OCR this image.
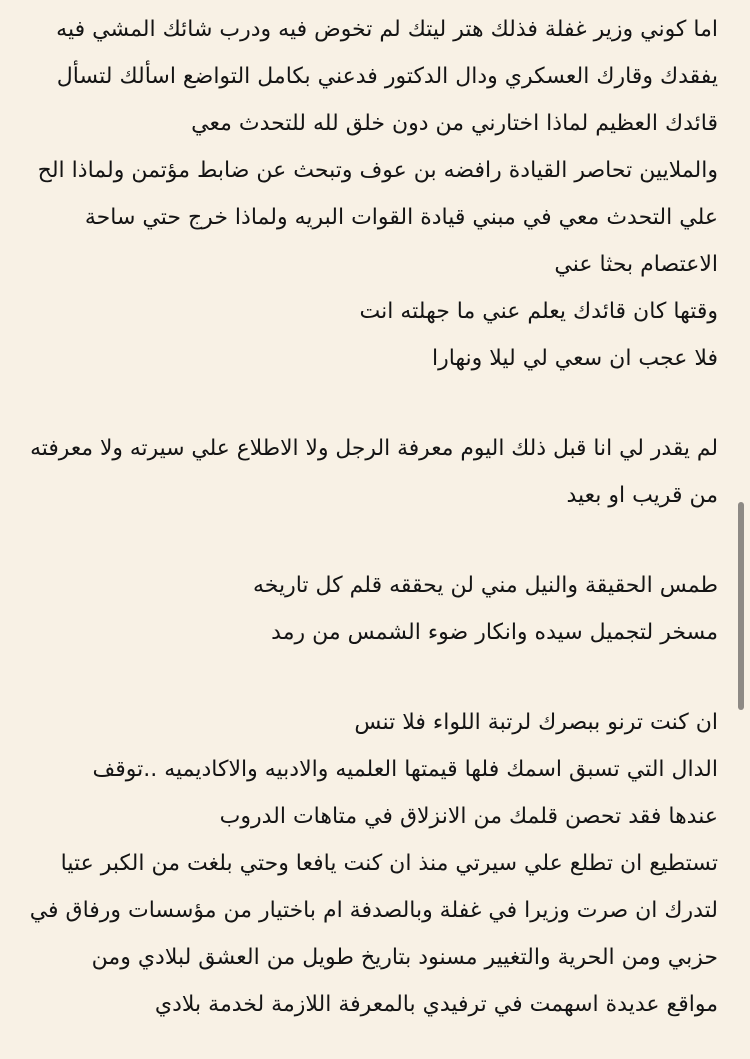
اما كوني وزير غفلة فذلك هتر ليتك لم تخوض فيه ودرب شائك المشي فيه
يفقدك وقارك العسكري ودال الدكتور فدعني بكامل التواضع اسألك لتسأل
قائدك العظيم لماذا اختارني من دون خلق لله للتحدث معي
والملايين تحاصر القيادة رافضه بن عوف وتبحث عن ضابط مؤتمن ولماذا الح
علي التحدث معي في مبني قيادة القوات البريه ولماذا خرج حتي ساحة
الاعتصام بحثا عني
وقتها كان قائدك يعلم عني ما جهلته انت
فلا عجب ان سعي لي ليلا ونهارا
لم يقدر لي انا قبل ذلك اليوم معرفة الرجل ولا الاطلاع علي سيرته ولا معرفته
من قريب او بعيد
طمس الحقيقة والنيل مني لن يحققه قلم كل تاريخه
مسخر لتجميل سيده وانكار ضوء الشمس من رمد
ان كنت ترنو ببصرك لرتبة اللواء فلا تنس
الدال التي تسبق اسمك فلها قيمتها العلميه والادبيه والاكاديميه ..توقف
عندها فقد تحصن قلمك من الانزلاق في متاهات الدروب
تستطيع ان تطلع علي سيرتي منذ ان كنت يافعا وحتي بلغت من الكبر عتيا
لتدرك ان صرت وزيرا في غفلة وبالصدفة ام باختيار من مؤسسات ورفاق في
حزبي ومن الحرية والتغيير مسنود بتاريخ طويل من العشق لبلادي ومن
مواقع عديدة اسهمت في ترفيدي بالمعرفة اللازمة لخدمة بلادي
